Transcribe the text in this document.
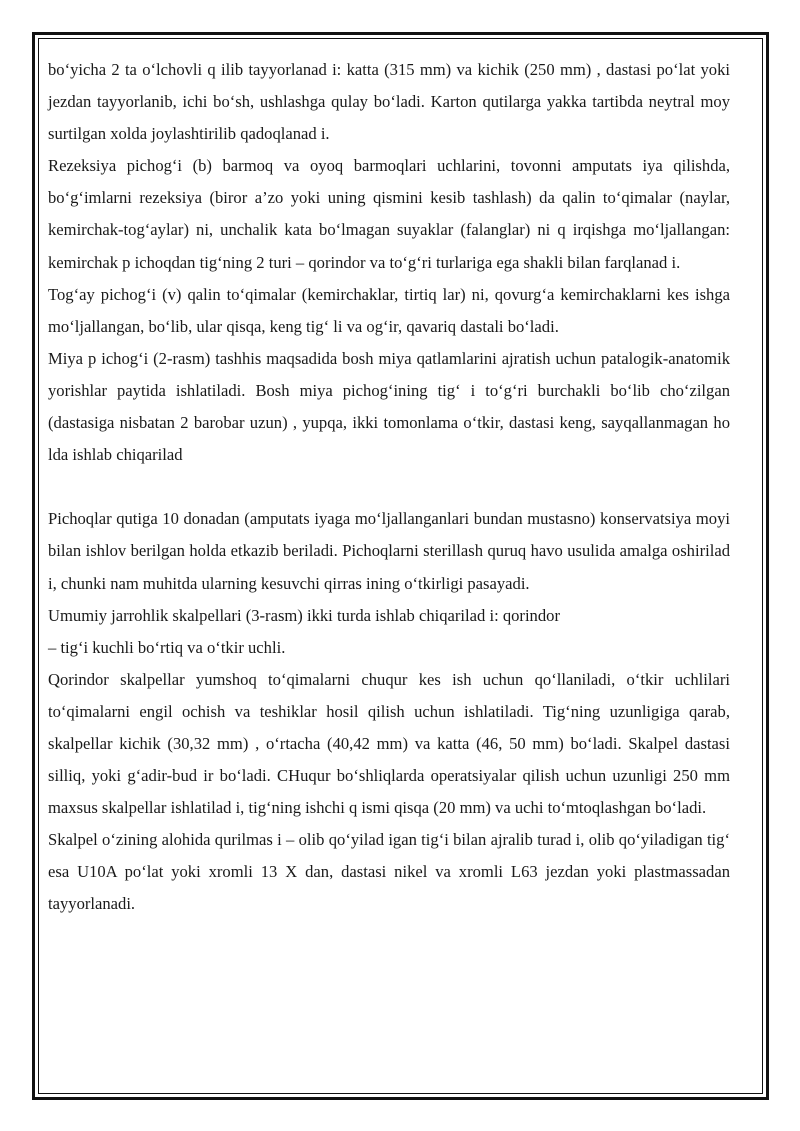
bo‘yicha 2 ta o‘lchovli q ilib tayyorlanad i: katta (315 mm) va kichik (250 mm) , dastasi po‘lat yoki jezdan tayyorlanib, ichi bo‘sh, ushlashga qulay bo‘ladi. Karton qutilarga yakka tartibda neytral moy surtilgan xolda joylashtirilib qadoqlanad i.

Rezeksiya pichog‘i (b) barmoq va oyoq barmoqlari uchlarini, tovonni amputats iya qilishda, bo‘g‘imlarni rezeksiya (biror a’zo yoki uning qismini kesib tashlash) da qalin to‘qimalar (naylar, kemirchak-tog‘aylar) ni, unchalik kata bo‘lmagan suyaklar (falanglar) ni q irqishga mo‘ljallangan: kemirchak p ichoqdan tig‘ning 2 turi – qorindor va to‘g‘ri turlariga ega shakli bilan farqlanad i.

Tog‘ay pichog‘i (v) qalin to‘qimalar (kemirchaklar, tirtiq lar) ni, qovurg‘a kemirchaklarni kes ishga mo‘ljallangan, bo‘lib, ular qisqa, keng tig‘ li va og‘ir, qavariq dastali bo‘ladi.

Miya p ichog‘i (2-rasm) tashhis maqsadida bosh miya qatlamlarini ajratish uchun patalogik-anatomik yorishlar paytida ishlatiladi. Bosh miya pichog‘ining tig‘ i to‘g‘ri burchakli bo‘lib cho‘zilgan (dastasiga nisbatan 2 barobar uzun) , yupqa, ikki tomonlama o‘tkir, dastasi keng, sayqallanmagan ho lda ishlab chiqarilad

Pichoqlar qutiga 10 donadan (amputats iyaga mo‘ljallanganlari bundan mustasno) konservatsiya moyi bilan ishlov berilgan holda etkazib beriladi. Pichoqlarni sterillash quruq havo usulida amalga oshirilad i, chunki nam muhitda ularning kesuvchi qirras ining o‘tkirligi pasayadi.

Umumiy jarrohlik skalpellari (3-rasm) ikki turda ishlab chiqarilad i: qorindor

– tig‘i kuchli bo‘rtiq va o‘tkir uchli.

Qorindor skalpellar yumshoq to‘qimalarni chuqur kes ish uchun qo‘llaniladi, o‘tkir uchlilari to‘qimalarni engil ochish va teshiklar hosil qilish uchun ishlatiladi. Tig‘ning uzunligiga qarab, skalpellar kichik (30,32 mm) , o‘rtacha (40,42 mm) va katta (46, 50 mm) bo‘ladi. Skalpel dastasi silliq, yoki g‘adir-bud ir bo‘ladi. CHuqur bo‘shliqlarda operatsiyalar qilish uchun uzunligi 250 mm maxsus skalpellar ishlatilad i, tig‘ning ishchi q ismi qisqa (20 mm) va uchi to‘mtoqlashgan bo‘ladi.

Skalpel o‘zining alohida qurilmas i – olib qo‘yilad igan tig‘i bilan ajralib turad i, olib qo‘yiladigan tig‘ esa U10A po‘lat yoki xromli 13 X dan, dastasi nikel va xromli L63 jezdan yoki plastmassadan tayyorlanadi.
